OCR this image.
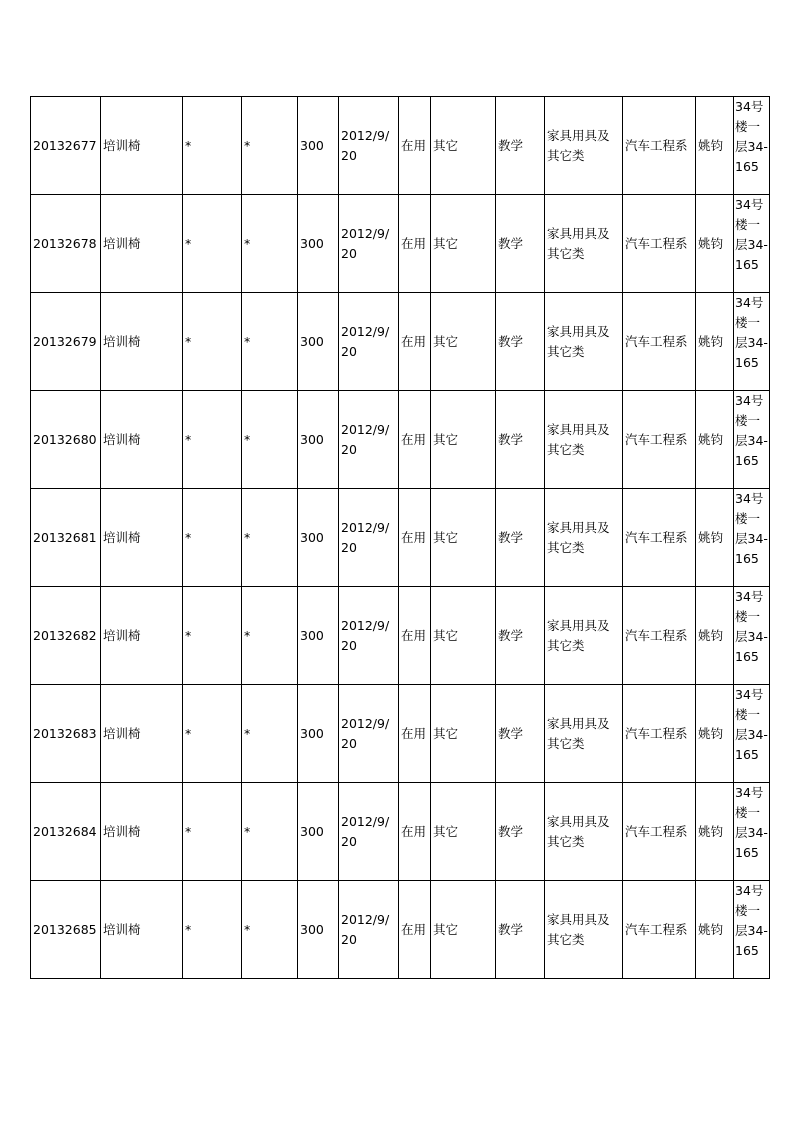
20132677	培训椅	*	*	300	2012/9/20	在用	其它	教学	家具用具及其它类	汽车工程系	姚钧	34号楼一层34-165
20132678	培训椅	*	*	300	2012/9/20	在用	其它	教学	家具用具及其它类	汽车工程系	姚钧	34号楼一层34-165
20132679	培训椅	*	*	300	2012/9/20	在用	其它	教学	家具用具及其它类	汽车工程系	姚钧	34号楼一层34-165
20132680	培训椅	*	*	300	2012/9/20	在用	其它	教学	家具用具及其它类	汽车工程系	姚钧	34号楼一层34-165
20132681	培训椅	*	*	300	2012/9/20	在用	其它	教学	家具用具及其它类	汽车工程系	姚钧	34号楼一层34-165
20132682	培训椅	*	*	300	2012/9/20	在用	其它	教学	家具用具及其它类	汽车工程系	姚钧	34号楼一层34-165
20132683	培训椅	*	*	300	2012/9/20	在用	其它	教学	家具用具及其它类	汽车工程系	姚钧	34号楼一层34-165
20132684	培训椅	*	*	300	2012/9/20	在用	其它	教学	家具用具及其它类	汽车工程系	姚钧	34号楼一层34-165
20132685	培训椅	*	*	300	2012/9/20	在用	其它	教学	家具用具及其它类	汽车工程系	姚钧	34号楼一层34-165
